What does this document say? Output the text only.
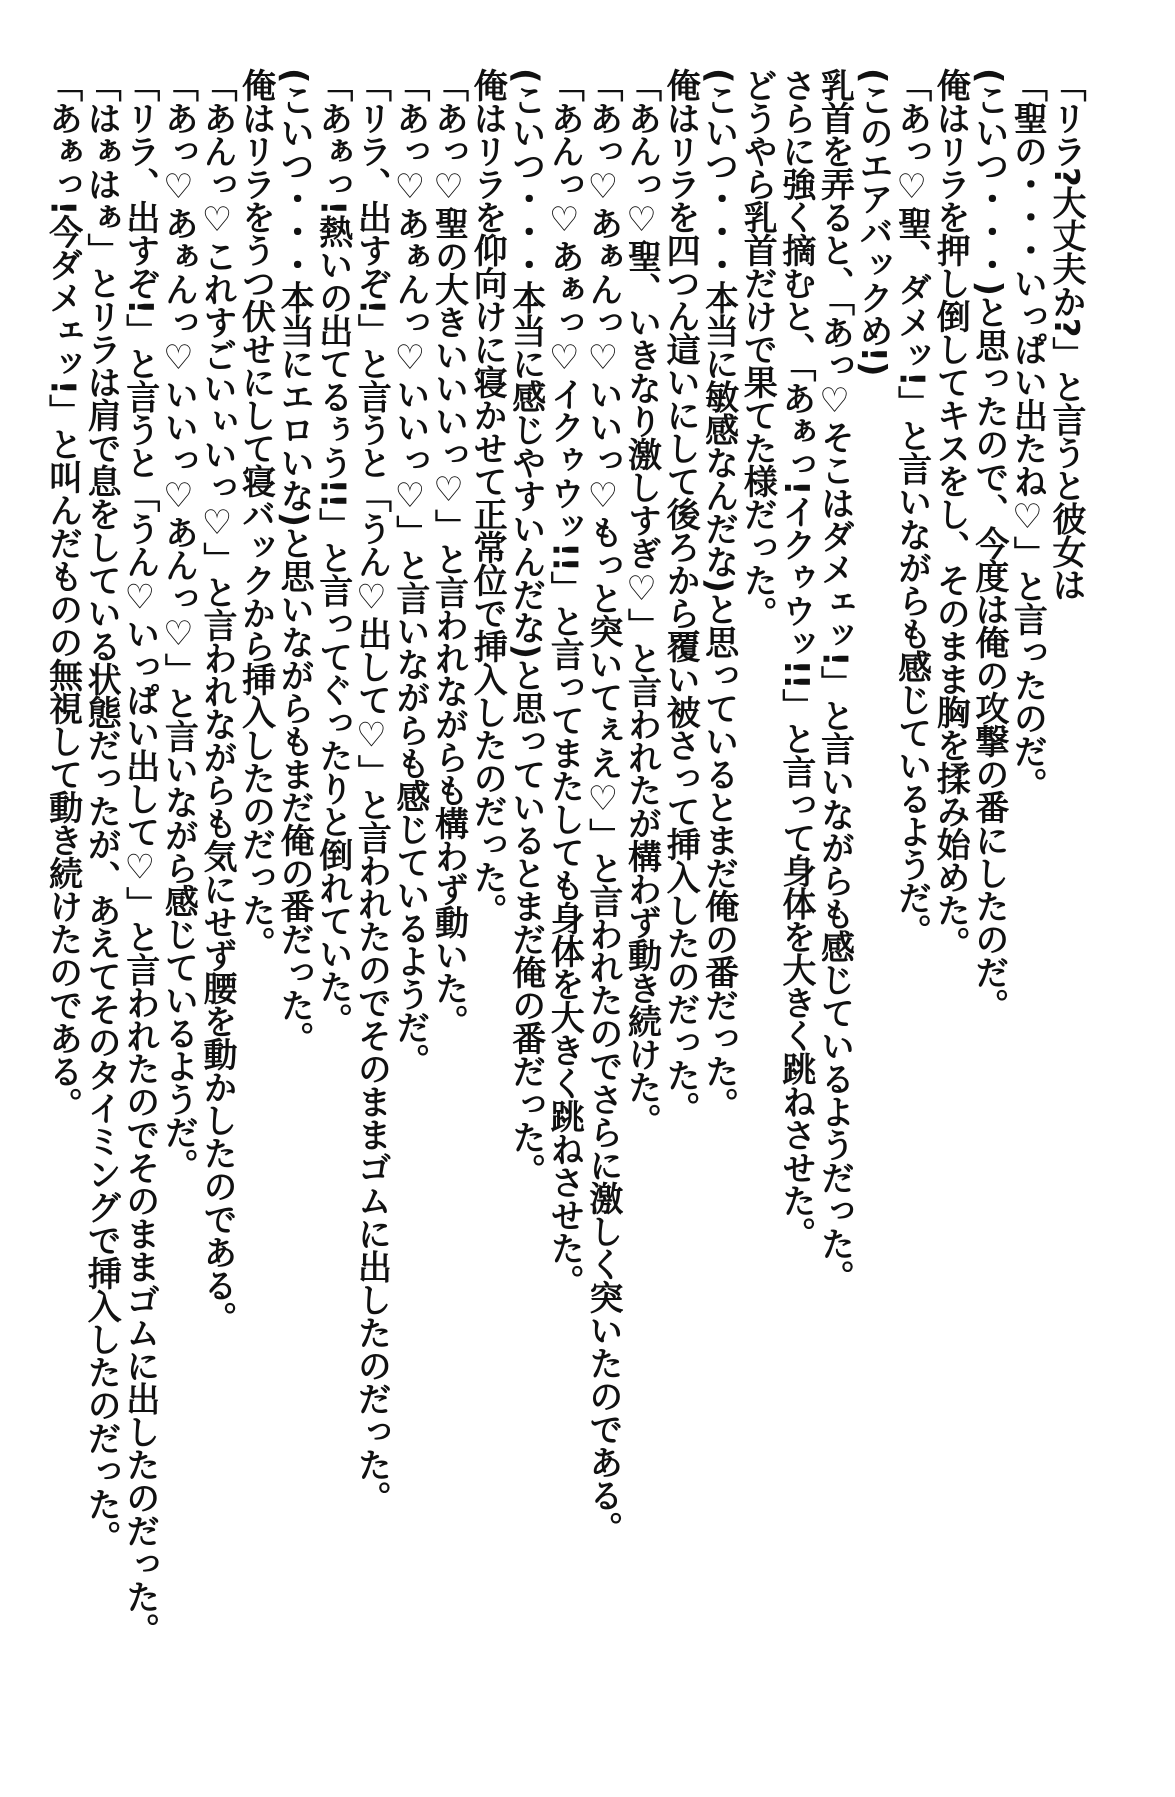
「リラ?大丈夫か?」と言うと彼女は

「聖の・・・いっぱい出たね♡」と言ったのだ。

(こいつ・・・)と思ったので、今度は俺の攻撃の番にしたのだ。

俺はリラを押し倒してキスをし、そのまま胸を揉み始めた。

「あっ♡聖、ダメッ!」と言いながらも感じているようだ。

(このエアバックめ!)

乳首を弄ると、「あっ♡そこはダメェッ!」と言いながらも感じているようだった。

さらに強く摘むと、「あぁっ!イクゥウッ!!」と言って身体を大きく跳ねさせた。

どうやら乳首だけで果てた様だった。

(こいつ・・・本当に敏感なんだな)と思っているとまだ俺の番だった。

俺はリラを四つん這いにして後ろから覆い被さって挿入したのだった。

「あんっ♡聖、いきなり激しすぎ♡」と言われたが構わず動き続けた。

「あっ♡あぁんっ♡いいっ♡もっと突いてぇえ♡」と言われたのでさらに激しく突いたのである。

「あんっ♡あぁっ♡イクゥウッ!!」と言ってまたしても身体を大きく跳ねさせた。

(こいつ・・・本当に感じやすいんだな)と思っているとまだ俺の番だった。

俺はリラを仰向けに寝かせて正常位で挿入したのだった。

「あっ♡聖の大きいいいっ♡」と言われながらも構わず動いた。

「あっ♡あぁんっ♡いいっ♡」と言いながらも感じているようだ。

「リラ、出すぞ!」と言うと「うん♡出して♡」と言われたのでそのままゴムに出したのだった。

「あぁっ!熱いの出てるぅう!!」と言ってぐったりと倒れていた。

(こいつ・・・本当にエロいな)と思いながらもまだ俺の番だった。

俺はリラをうつ伏せにして寝バックから挿入したのだった。

「あんっ♡これすごいぃいっ♡」と言われながらも気にせず腰を動かしたのである。

「あっ♡あぁんっ♡いいっ♡あんっ♡」と言いながら感じているようだ。

「リラ、出すぞ!」と言うと「うん♡いっぱい出して♡」と言われたのでそのままゴムに出したのだった。

「はぁはぁ」とリラは肩で息をしている状態だったが、あえてそのタイミングで挿入したのだった。

「あぁっ!今ダメェッ!」と叫んだものの無視して動き続けたのである。
